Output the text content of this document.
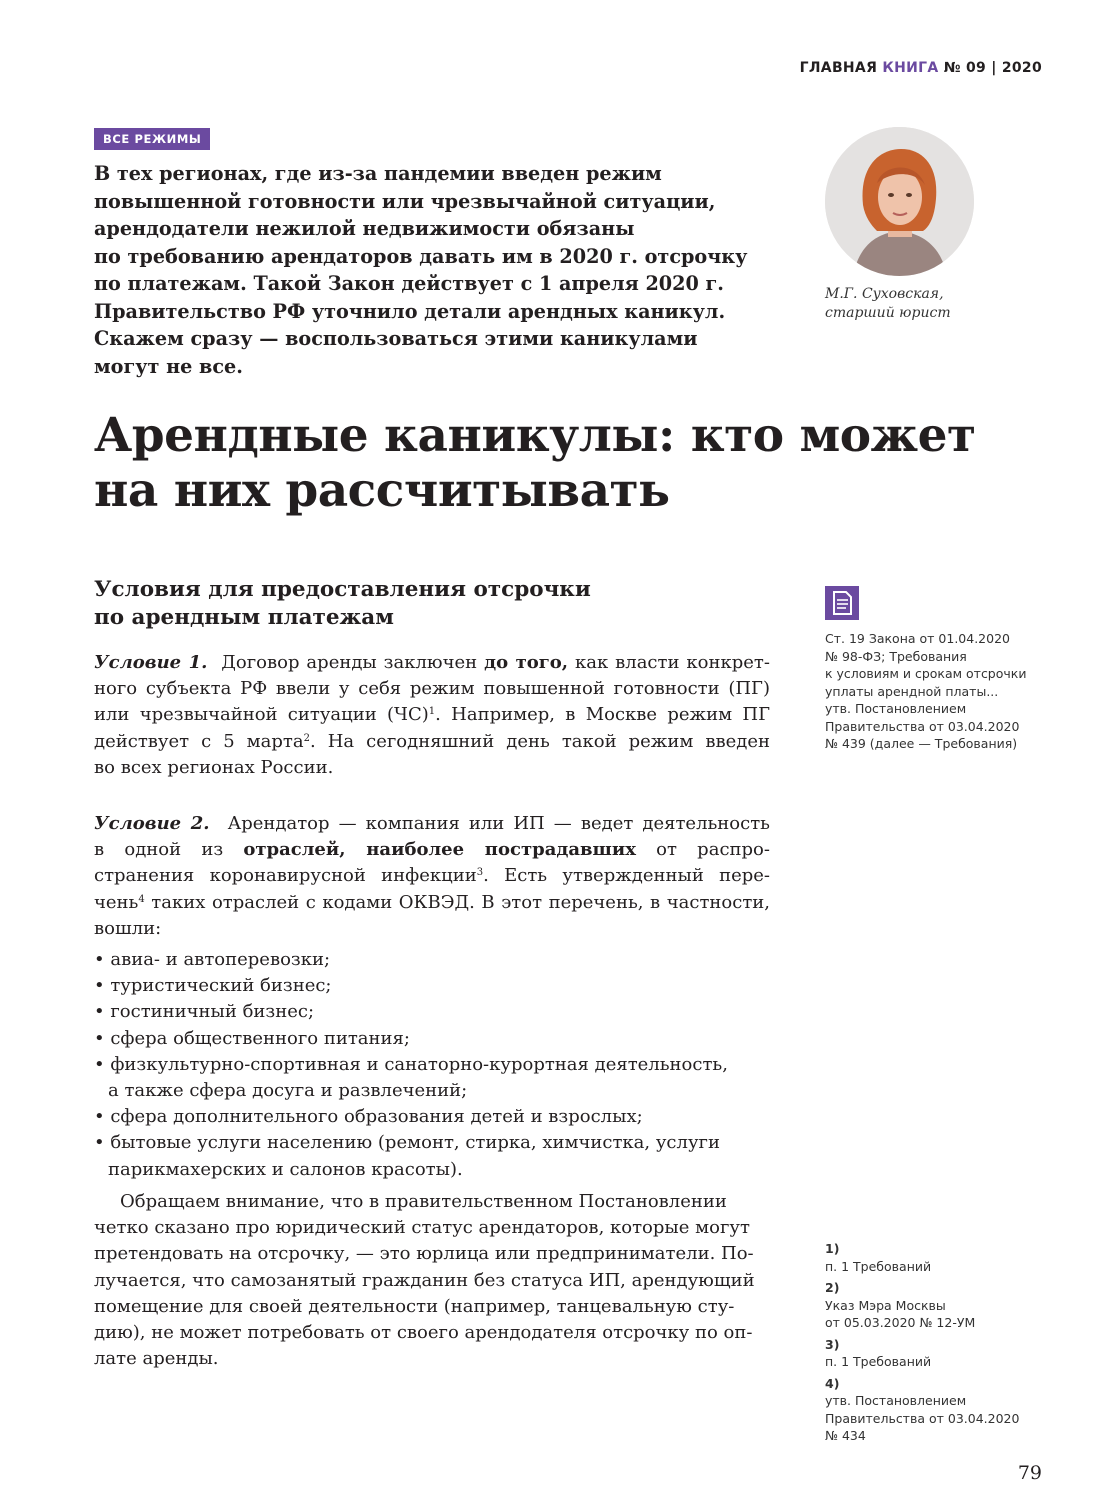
ГЛАВНАЯ КНИГА № 09 | 2020
ВСЕ РЕЖИМЫ
В тех регионах, где из-за пандемии введен режим
повышенной готовности или чрезвычайной ситуации,
арендодатели нежилой недвижимости обязаны
по требованию арендаторов давать им в 2020 г. отсрочку
по платежам. Такой Закон действует с 1 апреля 2020 г.
Правительство РФ уточнило детали арендных каникул.
Скажем сразу — воспользоваться этими каникулами
могут не все.
М.Г. Суховская,
старший юрист
Арендные каникулы: кто может
на них рассчитывать
Условия для предоставления отсрочки
по арендным платежам
Ст. 19 Закона от 01.04.2020
№ 98-ФЗ; Требования
к условиям и срокам отсрочки
уплаты арендной платы...
утв. Постановлением
Правительства от 03.04.2020
№ 439 (далее — Требования)
Условие 1. Договор аренды заключен до того, как власти конкрет-
ного субъекта РФ ввели у себя режим повышенной готовности (ПГ)
или чрезвычайной ситуации (ЧС)$^1$. Например, в Москве режим ПГ
действует с 5 марта$^2$. На сегодняшний день такой режим введен
во всех регионах России.
Условие 2. Арендатор — компания или ИП — ведет деятельность
в одной из отраслей, наиболее пострадавших от распро-
странения коронавирусной инфекции$^3$. Есть утвержденный пере-
чень$^4$ таких отраслей с кодами ОКВЭД. В этот перечень, в частности,
вошли:
• авиа- и автоперевозки;
• туристический бизнес;
• гостиничный бизнес;
• сфера общественного питания;
• физкультурно-спортивная и санаторно-курортная деятельность,
а также сфера досуга и развлечений;
• сфера дополнительного образования детей и взрослых;
• бытовые услуги населению (ремонт, стирка, химчистка, услуги
парикмахерских и салонов красоты).
Обращаем внимание, что в правительственном Постановлении
четко сказано про юридический статус арендаторов, которые могут
претендовать на отсрочку, — это юрлица или предприниматели. По-
лучается, что самозанятый гражданин без статуса ИП, арендующий
помещение для своей деятельности (например, танцевальную сту-
дию), не может потребовать от своего арендодателя отсрочку по оп-
лате аренды.
1)
п. 1 Требований
2)
Указ Мэра Москвы
от 05.03.2020 № 12-УМ
3)
п. 1 Требований
4)
утв. Постановлением
Правительства от 03.04.2020
№ 434
79
